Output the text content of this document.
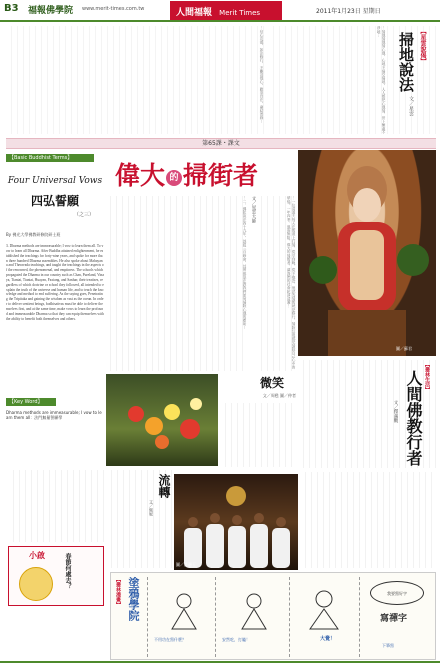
B3 福報佛學院 www.merit-times.com.tw	人間福報 Merit Times	2011年1月23日 星期日
…信心功德，如法修行，不離菩提心，歡喜自在，廣結善緣…	…掃地掃地掃心地，心地不掃空掃地，人人都把心地掃，世上無處不淨地…	【星雲說偈】
掃地說法
文／星雲
第65課・課文
【Basic Buddhist Terms】
Four Universal Vows
四弘誓願
（之三）
By 佛光大學佛教研修院研士班
3. Dharma methods are immeasurable; I vow to learn them all. To vow to learn all Dharma. After Buddha attained enlightenment, he established the teachings for forty-nine years, and spoke for more than three hundred Dharma assemblies. He also spoke about Mahayana and Theravada teachings, and taught the teachings in the aspects of the renowned, the phenomenal, and emptiness. The schools which propagated the Dharma in our country such as Chan, Pureland, Vinaya, Tiantai, Tiantai, Huayan, Faxiang, and Sanlun; their treatises, regardless of which doctrine or school they followed, all intended to explain the truth of the universe and human life, and to teach the knowledge and method to end suffering. As the saying goes, Penetrating the Tripitaka and gaining the wisdom as vast as the ocean. In order to deliver sentient beings, bodhisattvas must be able to deliver themselves first, and at the same time, make vows to learn the profound and immeasurable Dharma so that they can equip themselves with the ability to benefit both themselves and others.
【Key Word】
Dharma methods are immeasurable; I vow to learn them all：法門無量誓願學
偉大 的 掃街者
…二、佛陀說法四十九年，談經三百餘會，其實都是在教我們如何掃除心地的塵垢… 文／星雲大師	…一位清道夫每天在街道上打掃，從早到晚，從不抱怨，他認為掃街就是修行，掃除垃圾就是掃除自己心中的煩惱。一年四季，風雨無阻，偉大的掃街者，讓我們的社會乾淨清潔…
圖／蘇君
【叢林生活】
人間佛教行者
文／釋滿觀
微笑
文／周甦 圖／仲者
流轉
文／佩妮
圖／許蕙玉
小啟	春節何處去？
【叢林漫畫】 塗鴉學院
不用功在寫什麼？	安然吃，打瞌！	大覺！
下筆寫
我要寫好字
寫禪字
